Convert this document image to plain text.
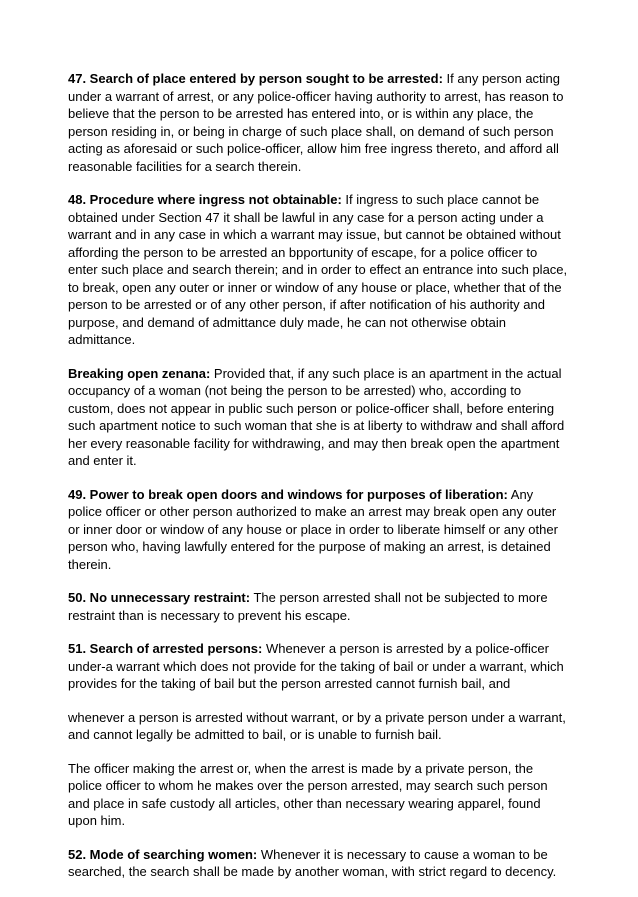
47. Search of place entered by person sought to be arrested: If any person acting under a warrant of arrest, or any police-officer having authority to arrest, has reason to believe that the person to be arrested has entered into, or is within any place, the person residing in, or being in charge of such place shall, on demand of such person acting as aforesaid or such police-officer, allow him free ingress thereto, and afford all reasonable facilities for a search therein.

48. Procedure where ingress not obtainable: If ingress to such place cannot be obtained under Section 47 it shall be lawful in any case for a person acting under a warrant and in any case in which a warrant may issue, but cannot be obtained without affording the person to be arrested an bpportunity of escape, for a police officer to enter such place and search therein; and in order to effect an entrance into such place, to break, open any outer or inner or window of any house or place, whether that of the person to be arrested or of any other person, if after notification of his authority and purpose, and demand of admittance duly made, he can not otherwise obtain admittance.

Breaking open zenana: Provided that, if any such place is an apartment in the actual occupancy of a woman (not being the person to be arrested) who, according to custom, does not appear in public such person or police-officer shall, before entering such apartment notice to such woman that she is at liberty to withdraw and shall afford her every reasonable facility for withdrawing, and may then break open the apartment and enter it.

49. Power to break open doors and windows for purposes of liberation: Any police officer or other person authorized to make an arrest may break open any outer or inner door or window of any house or place in order to liberate himself or any other person who, having lawfully entered for the purpose of making an arrest, is detained therein.

50. No unnecessary restraint: The person arrested shall not be subjected to more restraint than is necessary to prevent his escape.

51. Search of arrested persons: Whenever a person is arrested by a police-officer under-a warrant which does not provide for the taking of bail or under a warrant, which provides for the taking of bail but the person arrested cannot furnish bail, and

whenever a person is arrested without warrant, or by a private person under a warrant, and cannot legally be admitted to bail, or is unable to furnish bail.

The officer making the arrest or, when the arrest is made by a private person, the police officer to whom he makes over the person arrested, may search such person and place in safe custody all articles, other than necessary wearing apparel, found upon him.

52. Mode of searching women: Whenever it is necessary to cause a woman to be searched, the search shall be made by another woman, with strict regard to decency.
